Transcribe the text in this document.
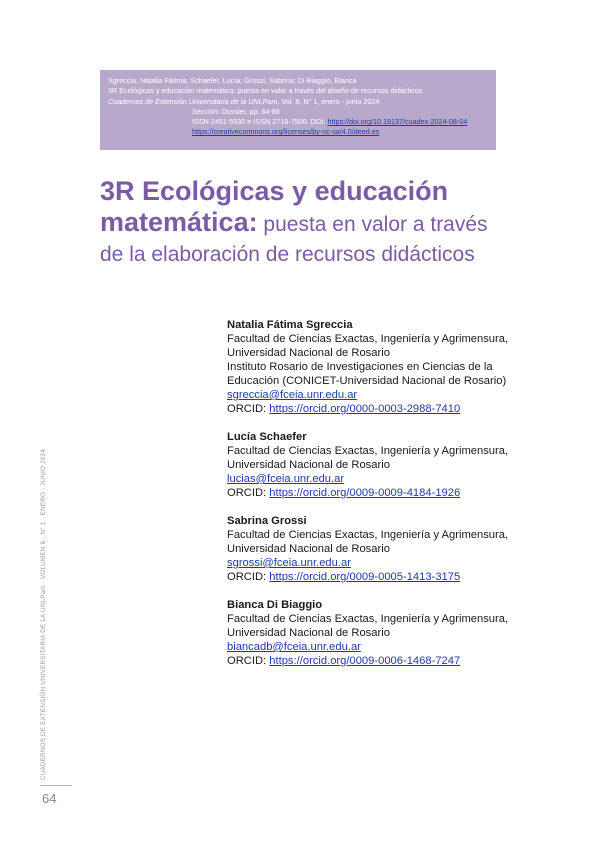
Sgreccia, Natalia Fátima; Schaefer, Lucía; Grossi, Sabrina; Di Biaggio, Bianca
3R Ecológicas y educación matemática: puesta en valor a través del diseño de recursos didácticos
Cuadernos de Extensión Universitaria de la UNLPam, Vol. 8, N° 1, enero - junio 2024
Sección: Dossier, pp. 64-86
ISSN 2451-5930 e-ISSN 2718-7500. DOI: https://doi.org/10.19137/cuadex-2024-08-04
https://creativecommons.org/licenses/by-nc-sa/4.0/deed.es
3R Ecológicas y educación matemática: puesta en valor a través de la elaboración de recursos didácticos
Natalia Fátima Sgreccia
Facultad de Ciencias Exactas, Ingeniería y Agrimensura, Universidad Nacional de Rosario
Instituto Rosario de Investigaciones en Ciencias de la Educación (CONICET-Universidad Nacional de Rosario)
sgreccia@fceia.unr.edu.ar
ORCID: https://orcid.org/0000-0003-2988-7410
Lucía Schaefer
Facultad de Ciencias Exactas, Ingeniería y Agrimensura, Universidad Nacional de Rosario
lucias@fceia.unr.edu.ar
ORCID: https://orcid.org/0009-0009-4184-1926
Sabrina Grossi
Facultad de Ciencias Exactas, Ingeniería y Agrimensura, Universidad Nacional de Rosario
sgrossi@fceia.unr.edu.ar
ORCID: https://orcid.org/0009-0005-1413-3175
Bianca Di Biaggio
Facultad de Ciencias Exactas, Ingeniería y Agrimensura, Universidad Nacional de Rosario
biancadb@fceia.unr.edu.ar
ORCID: https://orcid.org/0009-0006-1468-7247
CUADERNOS DE EXTENSIÓN UNIVERSITARIA DE LA UNLPam · VOLUMEN 8 · N° 1 · ENERO - JUNIO 2024
64
